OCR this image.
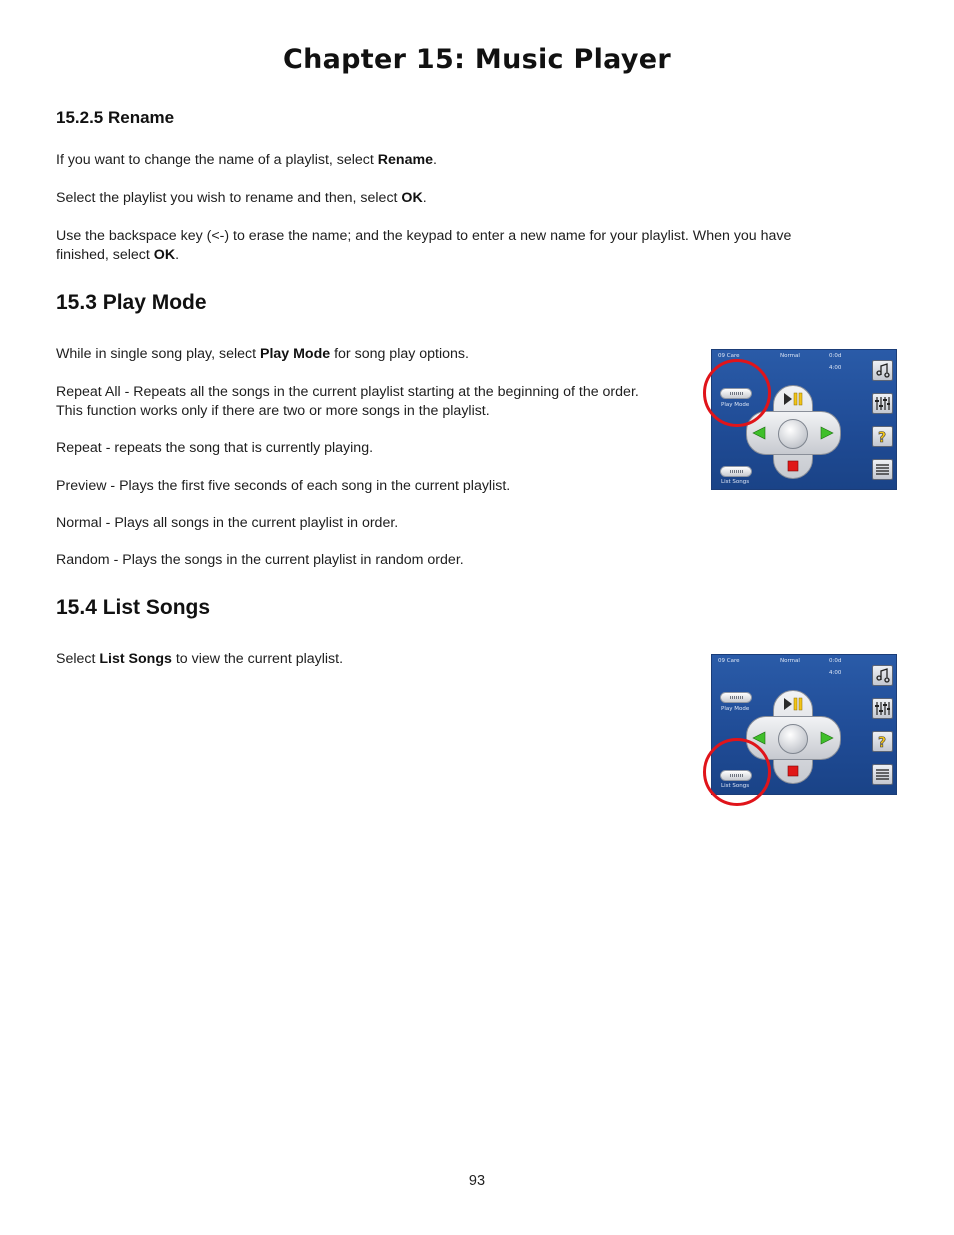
Chapter 15: Music Player
15.2.5 Rename
If you want to change the name of a playlist, select Rename.
Select the playlist you wish to rename and then, select OK.
Use the backspace key (<-) to erase the name; and the keypad to enter a new name for your playlist. When you have
finished, select OK.
15.3 Play Mode
While in single song play, select Play Mode for song play options.
Repeat All - Repeats all the songs in the current playlist starting at the beginning of the order.
This function works only if there are two or more songs in the playlist.
Repeat - repeats the song that is currently playing.
Preview - Plays the first five seconds of each song in the current playlist.
Normal - Plays all songs in the current playlist in order.
Random - Plays the songs in the current playlist in random order.
15.4 List Songs
Select List Songs to view the current playlist.
09 Care	Normal	0:0d
4:00
Play Mode
List Songs
?
09 Care	Normal	0:0d
4:00
Play Mode
List Songs
?
93
